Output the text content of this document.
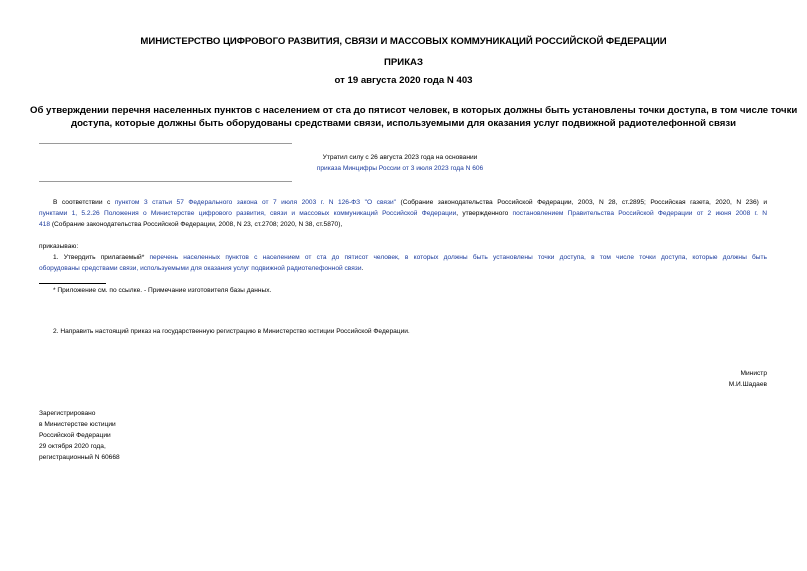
МИНИСТЕРСТВО ЦИФРОВОГО РАЗВИТИЯ, СВЯЗИ И МАССОВЫХ КОММУНИКАЦИЙ РОССИЙСКОЙ ФЕДЕРАЦИИ
ПРИКАЗ
от 19 августа 2020 года N 403
Об утверждении перечня населенных пунктов с населением от ста до пятисот человек, в которых должны быть установлены точки доступа, в том числе точки
доступа, которые должны быть оборудованы средствами связи, используемыми для оказания услуг подвижной радиотелефонной связи
Утратил силу с 26 августа 2023 года на основании
приказа Минцифры России от 3 июля 2023 года N 606
В соответствии с пунктом 3 статьи 57 Федерального закона от 7 июля 2003 г. N 126-ФЗ "О связи" (Собрание законодательства Российской Федерации, 2003, N 28, ст.2895; Российская газета, 2020, N 236) и
пунктами 1, 5.2.26 Положения о Министерстве цифрового развития, связи и массовых коммуникаций Российской Федерации, утвержденного постановлением Правительства Российской Федерации от 2 июня 2008 г. N
418 (Собрание законодательства Российской Федерации, 2008, N 23, ст.2708; 2020, N 38, ст.5870),
приказываю:
1. Утвердить прилагаемый* перечень населенных пунктов с населением от ста до пятисот человек, в которых должны быть установлены точки доступа, в том числе точки доступа, которые должны быть
оборудованы средствами связи, используемыми для оказания услуг подвижной радиотелефонной связи.
* Приложение см. по ссылке. - Примечание изготовителя базы данных.
2. Направить настоящий приказ на государственную регистрацию в Министерство юстиции Российской Федерации.
Министр
М.И.Шадаев
Зарегистрировано
в Министерстве юстиции
Российской Федерации
29 октября 2020 года,
регистрационный N 60668
